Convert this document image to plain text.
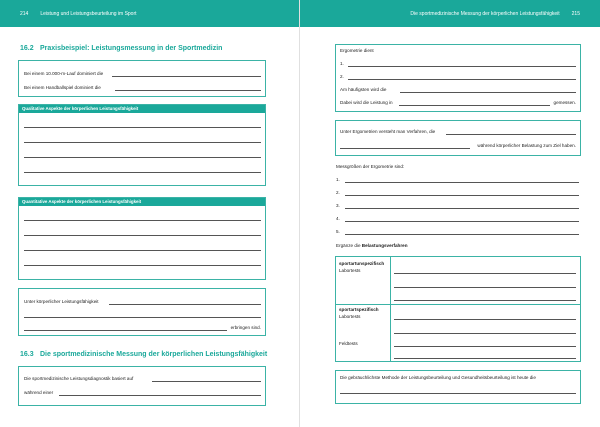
214 Leistung und Leistungsbeurteilung im Sport
16.2 Praxisbeispiel: Leistungsmessung in der Sportmedizin
Bei einem 10.000-m-Lauf dominiert die
Bei einem Handballspiel dominiert die
Qualitative Aspekte der körperlichen Leistungsfähigkeit
Quantitative Aspekte der körperlichen Leistungsfähigkeit
Unter körperlicher Leistungsfähigkeit
erbringen sind.
16.3 Die sportmedizinische Messung der körperlichen Leistungsfähigkeit
Die sportmedizinische Leistungsdiagnostik basiert auf
während einer
Die sportmedizinische Messung der körperlichen Leistungsfähigkeit 215
Ergometrie dient
1.
2.
Am häufigsten wird die
Dabei wird die Leistung in	gemessen.
Unter Ergometrien versteht man Verfahren, die
während körperlicher Belastung zum Ziel haben.
Messgrößen der Ergometrie sind:
1.
2.
3.
4.
5.
Ergänze die Belastungsverfahren
sportartunspezifisch
Labortests
sportartspezifisch
Labortests
Feldtests
Die gebräuchlichste Methode der Leistungsbeurteilung und Gesundheitsbeurteilung ist heute die
